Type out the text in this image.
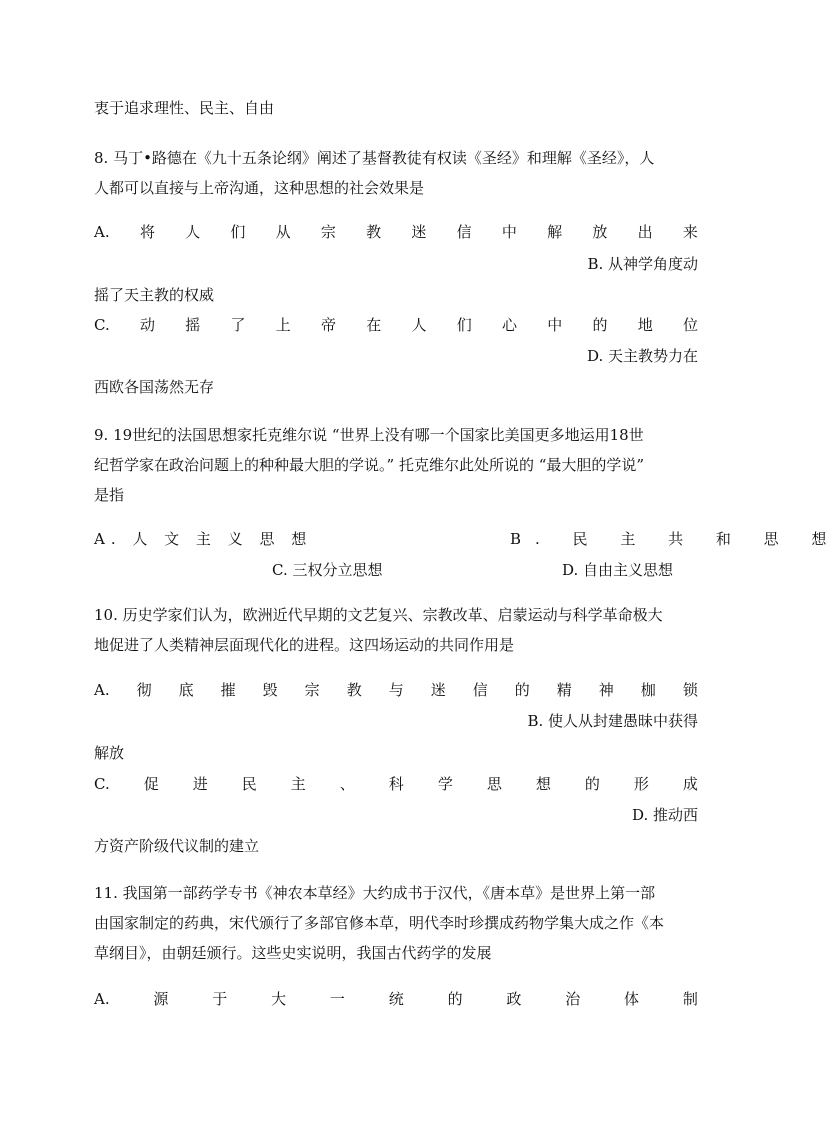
衷于追求理性、民主、自由
8. 马丁•路德在《九十五条论纲》阐述了基督教徒有权读《圣经》和理解《圣经》，人
人都可以直接与上帝沟通，这种思想的社会效果是
A. 将 人 们 从 宗 教 迷 信 中 解 放 出 来
B. 从神学角度动
摇了天主教的权威
C. 动 摇 了 上 帝 在 人 们 心 中 的 地 位
D. 天主教势力在
西欧各国荡然无存
9. 19世纪的法国思想家托克维尔说 “世界上没有哪一个国家比美国更多地运用18世
纪哲学家在政治问题上的种种最大胆的学说。” 托克维尔此处所说的 “最大胆的学说”
是指
A. 人 文 主 义 思 想	B. 民 主 共 和 思 想
C. 三权分立思想	D. 自由主义思想
10. 历史学家们认为，欧洲近代早期的文艺复兴、宗教改革、启蒙运动与科学革命极大
地促进了人类精神层面现代化的进程。这四场运动的共同作用是
A. 彻 底 摧 毁 宗 教 与 迷 信 的 精 神 枷 锁
B. 使人从封建愚昧中获得
解放
C. 促 进 民 主 、 科 学 思 想 的 形 成
D. 推动西
方资产阶级代议制的建立
11. 我国第一部药学专书《神农本草经》大约成书于汉代，《唐本草》是世界上第一部
由国家制定的药典，宋代颁行了多部官修本草，明代李时珍撰成药物学集大成之作《本
草纲目》，由朝廷颁行。这些史实说明，我国古代药学的发展
A.	源	于	大	一	统	的	政	治	体	制
